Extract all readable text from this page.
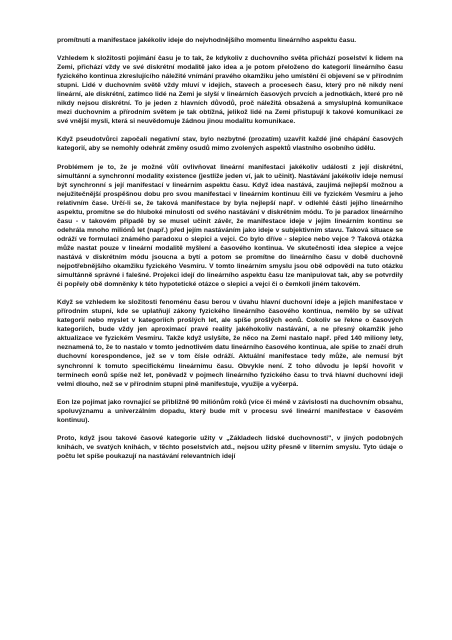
promítnutí a manifestace jakékoliv ideje do nejvhodnějšího momentu lineárního aspektu času.

Vzhledem k složitosti pojímání času je to tak, že kdykoliv z duchovního světa přichází poselství k lidem na Zemi, přichází vždy ve své diskrétní modalitě jako idea a je potom přeloženo do kategorií lineárního času fyzického kontinua zkreslujícího náležité vnímání pravého okamžiku jeho umístění či objevení se v přírodním stupni. Lidé v duchovním světě vždy mluví v idejích, stavech a procesech času, který pro ně nikdy není lineární, ale diskrétní, zatímco lidé na Zemi je slyší v lineárních časových prvcích a jednotkách, které pro ně nikdy nejsou diskrétní. To je jeden z hlavních důvodů, proč náležitá obsažená a smysluplná komunikace mezi duchovním a přírodním světem je tak obtížná, jelikož lidé na Zemi přistupují k takové komunikaci ze své vnější mysli, která si neuvědomuje žádnou jinou modalitu komunikace.

Když pseudotvůrci započali negativní stav, bylo nezbytné (prozatím) uzavřít každé jiné chápání časových kategorií, aby se nemohly odehrát změny osudů mimo zvolených aspektů vlastního osobního údělu.

Problémem je to, že je možné vůlí ovlivňovat lineární manifestaci jakékoliv události z její diskrétní, simultánní a synchronní modality existence (jestliže jeden ví, jak to učinit). Nastávání jakékoliv ideje nemusí být synchronní s její manifestací v lineárním aspektu času. Když idea nastává, zaujímá nejlepší možnou a nejužitečnější prospěšnou dobu pro svou manifestaci v lineárním kontinuu čili ve fyzickém Vesmíru a jeho relativním čase. Určí-li se, že taková manifestace by byla nejlepší např. v odlehlé části jejího lineárního aspektu, promítne se do hluboké minulosti od svého nastávání v diskrétním módu. To je paradox lineárního času - v takovém případě by se musel učinit závěr, že manifestace ideje v jejím lineárním kontinu se odehrála mnoho miliónů let (např.) před jejím nastáváním jako ideje v subjektivním stavu. Taková situace se odráží ve formulaci známého paradoxu o slepici a vejci. Co bylo dříve - slepice nebo vejce ? Taková otázka může nastat pouze v lineární modalitě myšlení a časového kontinua. Ve skutečnosti idea slepice a vejce nastává v diskrétním módu jsoucna a bytí a potom se promítne do lineárního času v době duchovně nejpotřebnějšího okamžiku fyzického Vesmíru. V tomto lineárním smyslu jsou obě odpovědi na tuto otázku simultánně správné i falešné. Projekci idejí do lineárního aspektu času lze manipulovat tak, aby se potvrdily či popřely obě domněnky k této hypotetické otázce o slepici a vejci či o čemkoli jiném takovém.

Když se vzhledem ke složitosti fenoménu času berou v úvahu hlavní duchovní ideje a jejich manifestace v přírodním stupni, kde se uplatňují zákony fyzického lineárního časového kontinua, nemělo by se užívat kategorií nebo myslet v kategoriích prošlých let, ale spíše prošlých eonů. Cokoliv se řekne o časových kategoriích, bude vždy jen aproximací pravé reality jakéhokoliv nastávání, a ne přesný okamžik jeho aktualizace ve fyzickém Vesmíru. Takže když uslyšíte, že něco na Zemi nastalo např. před 140 miliony lety, neznamená to, že to nastalo v tomto jednotlivém datu lineárního časového kontinua, ale spíše to značí druh duchovní korespondence, jež se v tom čísle odráží. Aktuální manifestace tedy může, ale nemusí být synchronní k tomuto specifickému lineárnímu času. Obvykle není. Z toho důvodu je lepší hovořit v termínech eonů spíše než let, poněvadž v pojmech lineárního fyzického času to trvá hlavní duchovní ideji velmi dlouho, než se v přírodním stupni plně manifestuje, využije a vyčerpá.

Eon lze pojímat jako rovnající se přibližně 90 miliónům roků (více či méně v závislosti na duchovním obsahu, spoluvýznamu a univerzálním dopadu, který bude mít v procesu své lineární manifestace v časovém kontinuu).

Proto, když jsou takové časové kategorie užity v „Základech lidské duchovnosti", v jiných podobných knihách, ve svatých knihách, v těchto poselstvích atd., nejsou užity přesně v literním smyslu. Tyto údaje o počtu let spíše poukazují na nastávání relevantních idejí
